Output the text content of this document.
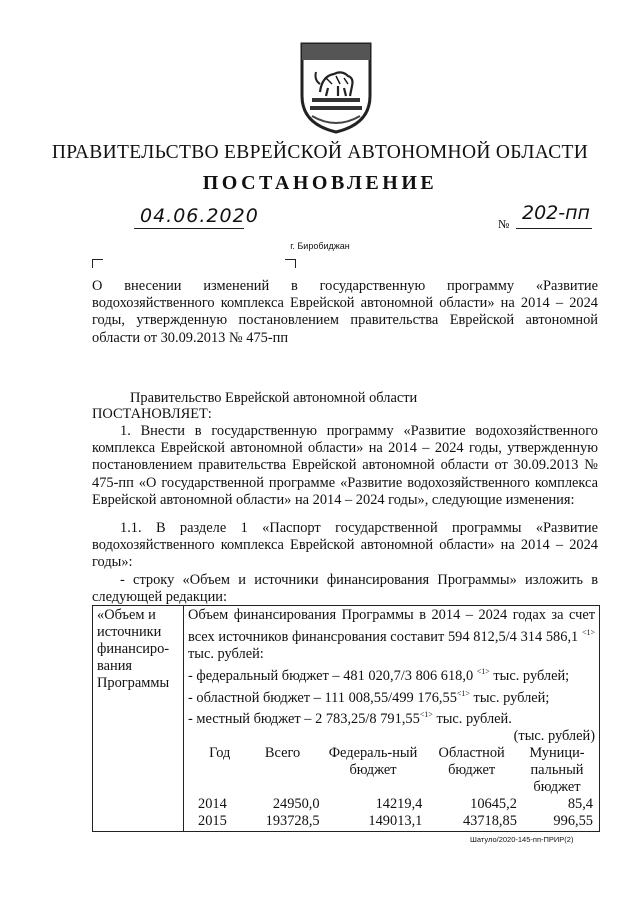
ПРАВИТЕЛЬСТВО ЕВРЕЙСКОЙ АВТОНОМНОЙ ОБЛАСТИ
ПОСТАНОВЛЕНИЕ
04.06.2020	№ 202-пп
г. Биробиджан
О внесении изменений в государственную программу «Развитие водохозяйственного комплекса Еврейской автономной области» на 2014 – 2024 годы, утвержденную постановлением правительства Еврейской автономной области от 30.09.2013 № 475-пп
Правительство Еврейской автономной области
ПОСТАНОВЛЯЕТ:
1. Внести в государственную программу «Развитие водохозяйственного комплекса Еврейской автономной области» на 2014 – 2024 годы, утвержденную постановлением правительства Еврейской автономной области от 30.09.2013 № 475-пп «О государственной программе «Развитие водохозяйственного комплекса Еврейской автономной области» на 2014 – 2024 годы», следующие изменения:
1.1. В разделе 1 «Паспорт государственной программы «Развитие водохозяйственного комплекса Еврейской автономной области» на 2014 – 2024 годы»:
- строку «Объем и источники финансирования Программы» изложить в следующей редакции:
«Объем и источники финансиро-вания Программы	
Объем финансирования Программы в 2014 – 2024 годах за счет всех источников финансрования составит 594 812,5/4 314 586,1 $^{<1>}$ тыс. рублей:
- федеральный бюджет – 481 020,7/3 806 618,0 $^{<1>}$ тыс. рублей;
- областной бюджет – 111 008,55/499 $176,55^{<1>}$ тыс. рублей;
- местный бюджет – 2 783,25/8 $791,55^{<1>}$ тыс. рублей.
(тыс. рублей)
Год	Всего	Федераль-ный бюджет	Областной бюджет	Муници-пальный бюджет
2014	24950,0	14219,4	10645,2	85,4
2015	193728,5	149013,1	43718,85	996,55
Шатуло/2020-145-пп-ПРИР(2)
